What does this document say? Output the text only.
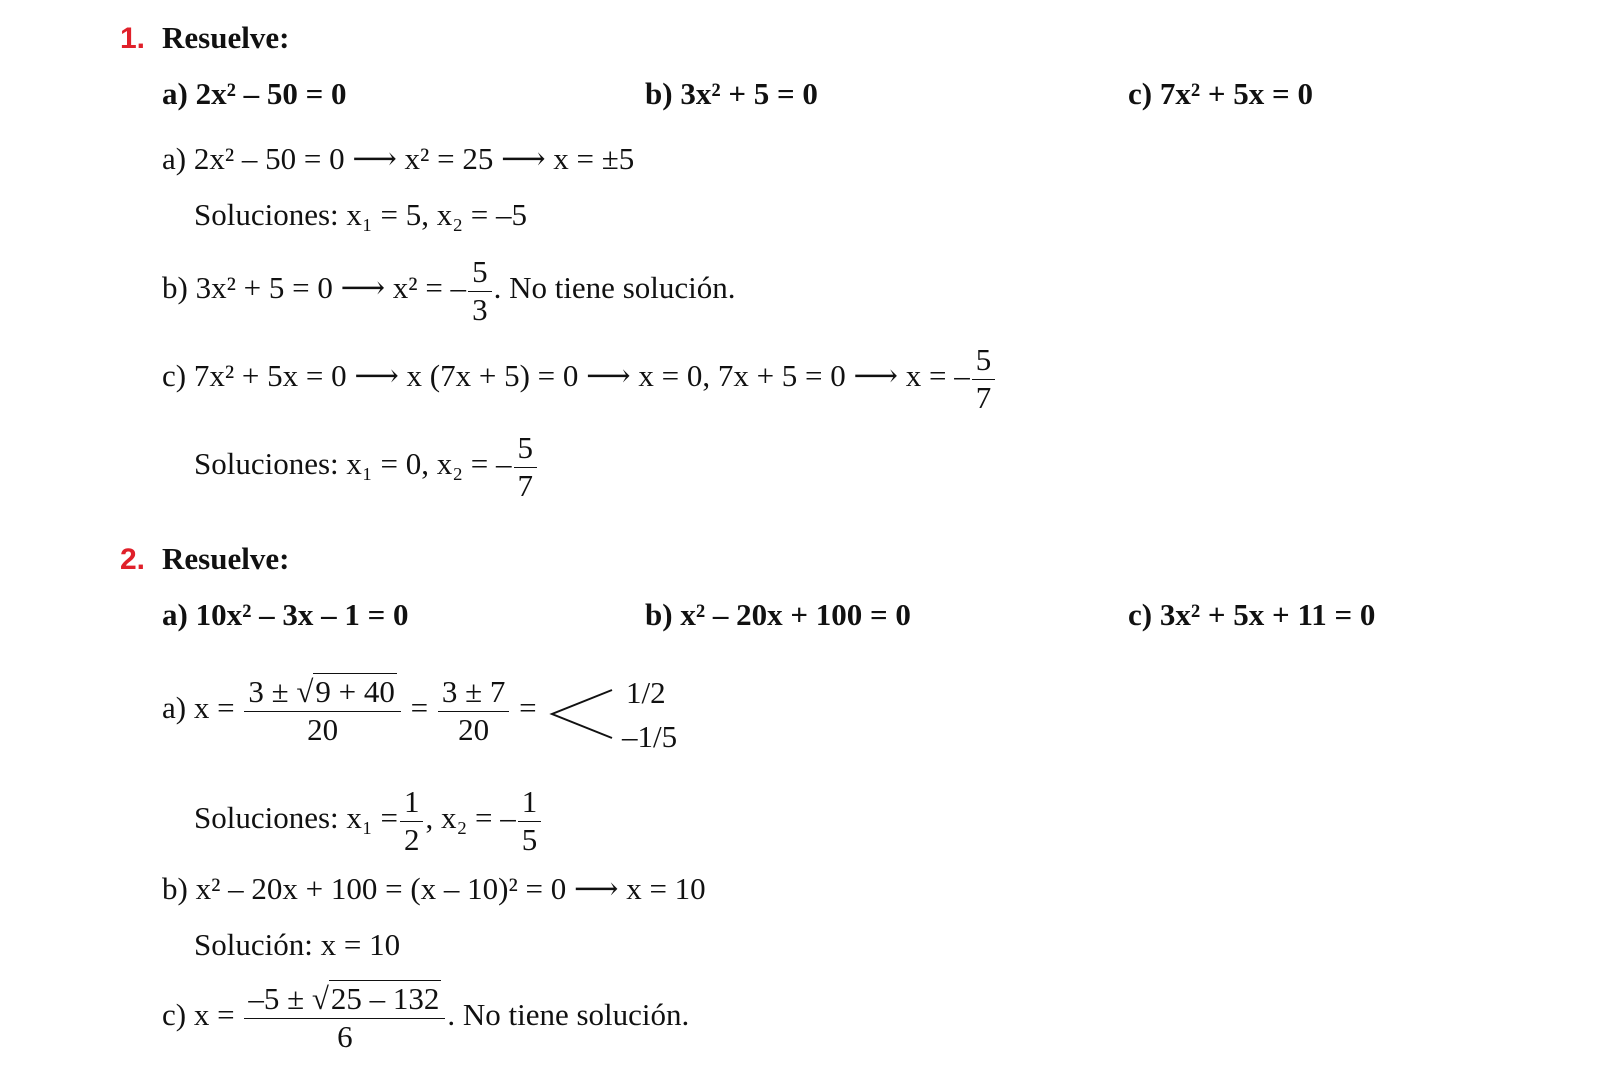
1. Resuelve:
a) 2x² – 50 = 0	b) 3x² + 5 = 0	c) 7x² + 5x = 0
a) 2x² – 50 = 0 ⟶ x² = 25 ⟶ x = ±5
Soluciones: x₁ = 5, x₂ = –5
b) 3x² + 5 = 0 ⟶ x² = – $\frac{5}{3}$ . No tiene solución.
c) 7x² + 5x = 0 ⟶ x (7x + 5) = 0 ⟶ x = 0, 7x + 5 = 0 ⟶ x = – $\frac{5}{7}$
Soluciones: x₁ = 0, x₂ = – $\frac{5}{7}$
2. Resuelve:
a) 10x² – 3x – 1 = 0	b) x² – 20x + 100 = 0	c) 3x² + 5x + 11 = 0
a) $x = \frac{3 \pm √9 + 40}{20} = \frac{3 \pm 7}{20}$ =	1/2
–1/5
Soluciones: $x_1 = \frac{1}{2}$ , x₂ = – $\frac{1}{5}$
b) x² – 20x + 100 = (x – 10)² = 0 ⟶ x = 10
Solución: x = 10
c) $x = \frac{-5 \pm √25 - 132}{6}$ . No tiene solución.
